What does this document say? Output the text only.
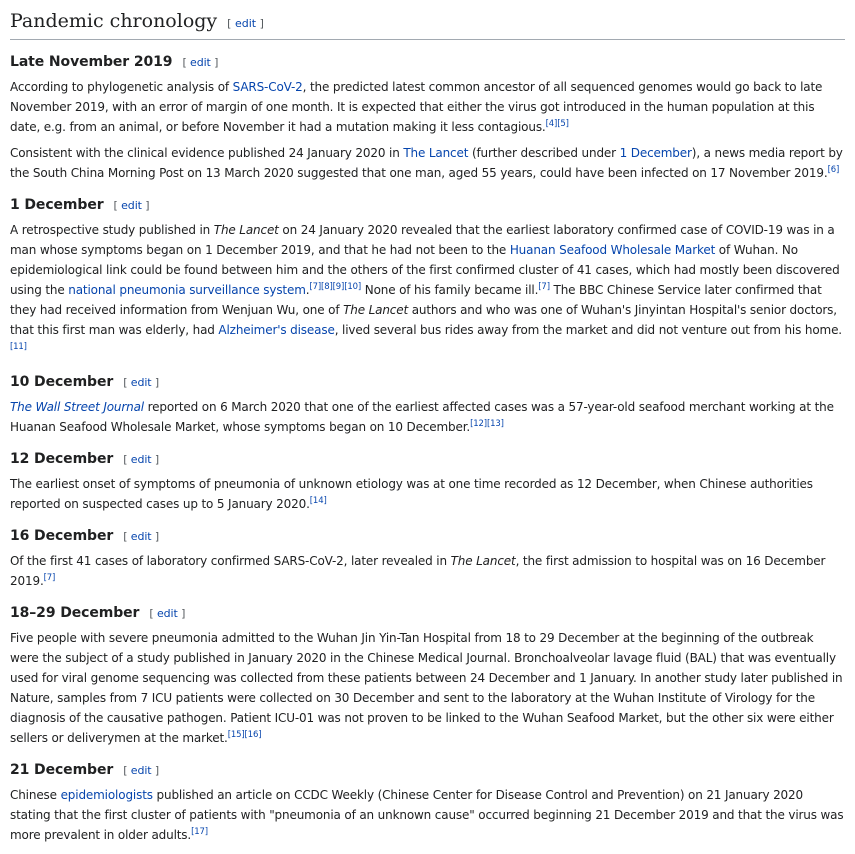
Pandemic chronology [ edit ]
Late November 2019 [ edit ]

According to phylogenetic analysis of SARS-CoV-2, the predicted latest common ancestor of all sequenced genomes would go back to late November 2019, with an error of margin of one month. It is expected that either the virus got introduced in the human population at this date, e.g. from an animal, or before November it had a mutation making it less contagious.[4][5]

Consistent with the clinical evidence published 24 January 2020 in The Lancet (further described under 1 December), a news media report by the South China Morning Post on 13 March 2020 suggested that one man, aged 55 years, could have been infected on 17 November 2019.[6]

1 December [ edit ]

A retrospective study published in The Lancet on 24 January 2020 revealed that the earliest laboratory confirmed case of COVID-19 was in a man whose symptoms began on 1 December 2019, and that he had not been to the Huanan Seafood Wholesale Market of Wuhan. No epidemiological link could be found between him and the others of the first confirmed cluster of 41 cases, which had mostly been discovered using the national pneumonia surveillance system.[7][8][9][10] None of his family became ill.[7] The BBC Chinese Service later confirmed that they had received information from Wenjuan Wu, one of The Lancet authors and who was one of Wuhan's Jinyintan Hospital's senior doctors, that this first man was elderly, had Alzheimer's disease, lived several bus rides away from the market and did not venture out from his home.[11]

10 December [ edit ]

The Wall Street Journal reported on 6 March 2020 that one of the earliest affected cases was a 57-year-old seafood merchant working at the Huanan Seafood Wholesale Market, whose symptoms began on 10 December.[12][13]

12 December [ edit ]

The earliest onset of symptoms of pneumonia of unknown etiology was at one time recorded as 12 December, when Chinese authorities reported on suspected cases up to 5 January 2020.[14]

16 December [ edit ]

Of the first 41 cases of laboratory confirmed SARS-CoV-2, later revealed in The Lancet, the first admission to hospital was on 16 December 2019.[7]

18–29 December [ edit ]

Five people with severe pneumonia admitted to the Wuhan Jin Yin-Tan Hospital from 18 to 29 December at the beginning of the outbreak were the subject of a study published in January 2020 in the Chinese Medical Journal. Bronchoalveolar lavage fluid (BAL) that was eventually used for viral genome sequencing was collected from these patients between 24 December and 1 January. In another study later published in Nature, samples from 7 ICU patients were collected on 30 December and sent to the laboratory at the Wuhan Institute of Virology for the diagnosis of the causative pathogen. Patient ICU-01 was not proven to be linked to the Wuhan Seafood Market, but the other six were either sellers or deliverymen at the market.[15][16]

21 December [ edit ]

Chinese epidemiologists published an article on CCDC Weekly (Chinese Center for Disease Control and Prevention) on 21 January 2020 stating that the first cluster of patients with "pneumonia of an unknown cause" occurred beginning 21 December 2019 and that the virus was more prevalent in older adults.[17]
